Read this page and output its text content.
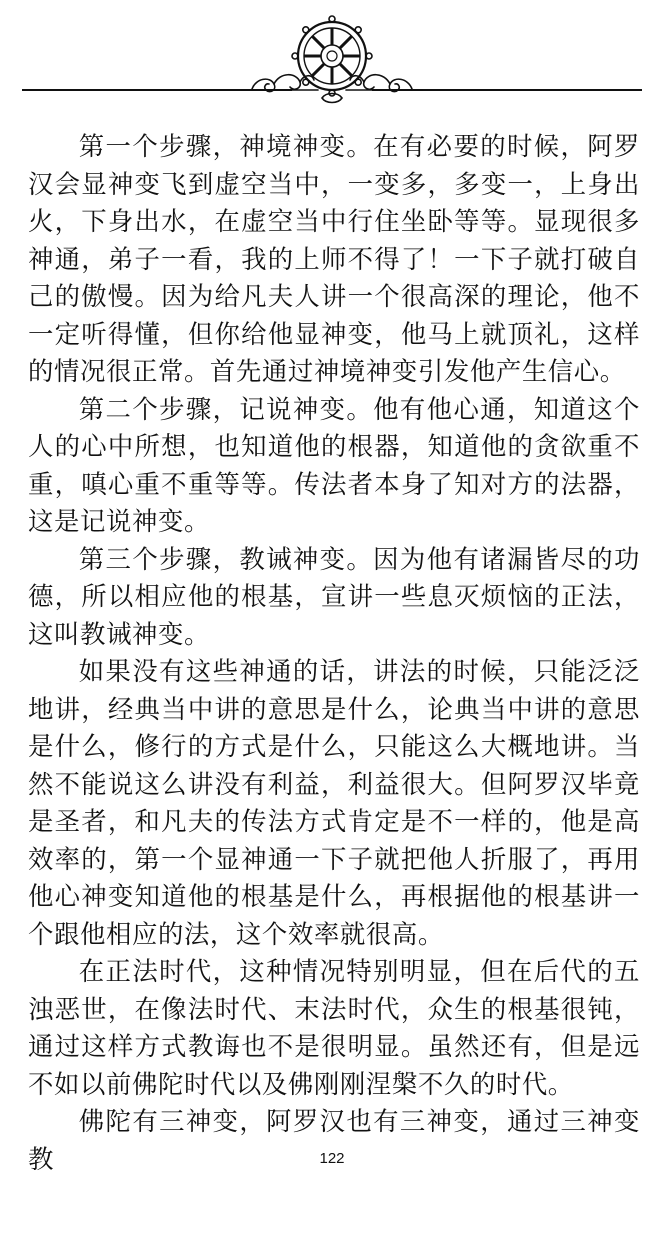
第一个步骤，神境神变。在有必要的时候，阿罗汉会显神变飞到虚空当中，一变多，多变一，上身出火，下身出水，在虚空当中行住坐卧等等。显现很多神通，弟子一看，我的上师不得了！一下子就打破自己的傲慢。因为给凡夫人讲一个很高深的理论，他不一定听得懂，但你给他显神变，他马上就顶礼，这样的情况很正常。首先通过神境神变引发他产生信心。

第二个步骤，记说神变。他有他心通，知道这个人的心中所想，也知道他的根器，知道他的贪欲重不重，嗔心重不重等等。传法者本身了知对方的法器，这是记说神变。

第三个步骤，教诫神变。因为他有诸漏皆尽的功德，所以相应他的根基，宣讲一些息灭烦恼的正法，这叫教诫神变。

如果没有这些神通的话，讲法的时候，只能泛泛地讲，经典当中讲的意思是什么，论典当中讲的意思是什么，修行的方式是什么，只能这么大概地讲。当然不能说这么讲没有利益，利益很大。但阿罗汉毕竟是圣者，和凡夫的传法方式肯定是不一样的，他是高效率的，第一个显神通一下子就把他人折服了，再用他心神变知道他的根基是什么，再根据他的根基讲一个跟他相应的法，这个效率就很高。

在正法时代，这种情况特别明显，但在后代的五浊恶世，在像法时代、末法时代，众生的根基很钝，通过这样方式教诲也不是很明显。虽然还有，但是远不如以前佛陀时代以及佛刚刚涅槃不久的时代。

佛陀有三神变，阿罗汉也有三神变，通过三神变教	122
